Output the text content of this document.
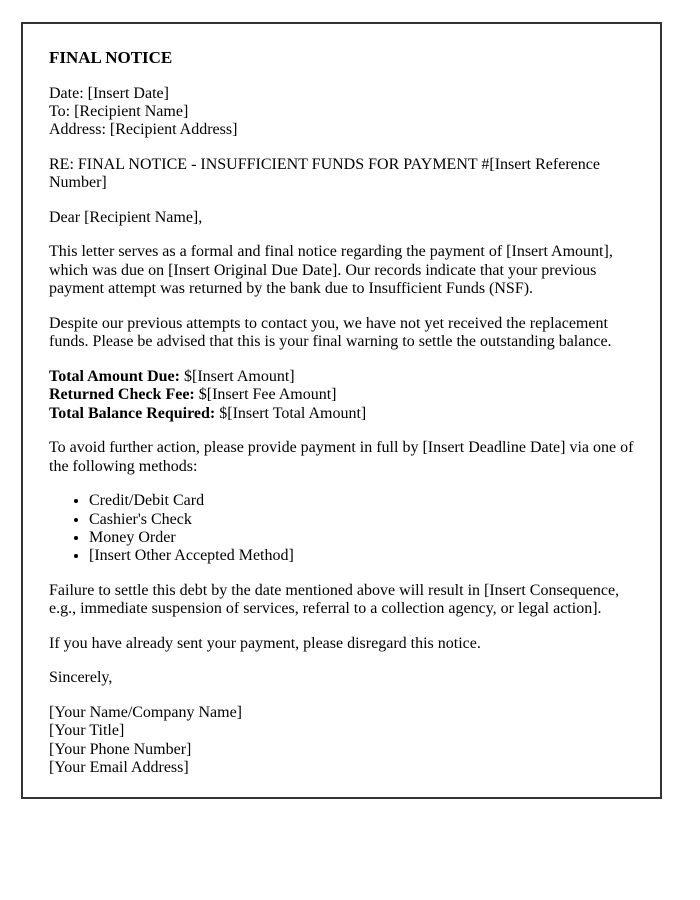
FINAL NOTICE

Date: [Insert Date]
To: [Recipient Name]
Address: [Recipient Address]

RE: FINAL NOTICE - INSUFFICIENT FUNDS FOR PAYMENT #[Insert Reference Number]

Dear [Recipient Name],

This letter serves as a formal and final notice regarding the payment of [Insert Amount], which was due on [Insert Original Due Date]. Our records indicate that your previous payment attempt was returned by the bank due to Insufficient Funds (NSF).

Despite our previous attempts to contact you, we have not yet received the replacement funds. Please be advised that this is your final warning to settle the outstanding balance.

Total Amount Due: $[Insert Amount]
Returned Check Fee: $[Insert Fee Amount]
Total Balance Required: $[Insert Total Amount]

To avoid further action, please provide payment in full by [Insert Deadline Date] via one of the following methods:

• Credit/Debit Card
• Cashier's Check
• Money Order
• [Insert Other Accepted Method]

Failure to settle this debt by the date mentioned above will result in [Insert Consequence, e.g., immediate suspension of services, referral to a collection agency, or legal action].

If you have already sent your payment, please disregard this notice.

Sincerely,

[Your Name/Company Name]
[Your Title]
[Your Phone Number]
[Your Email Address]
